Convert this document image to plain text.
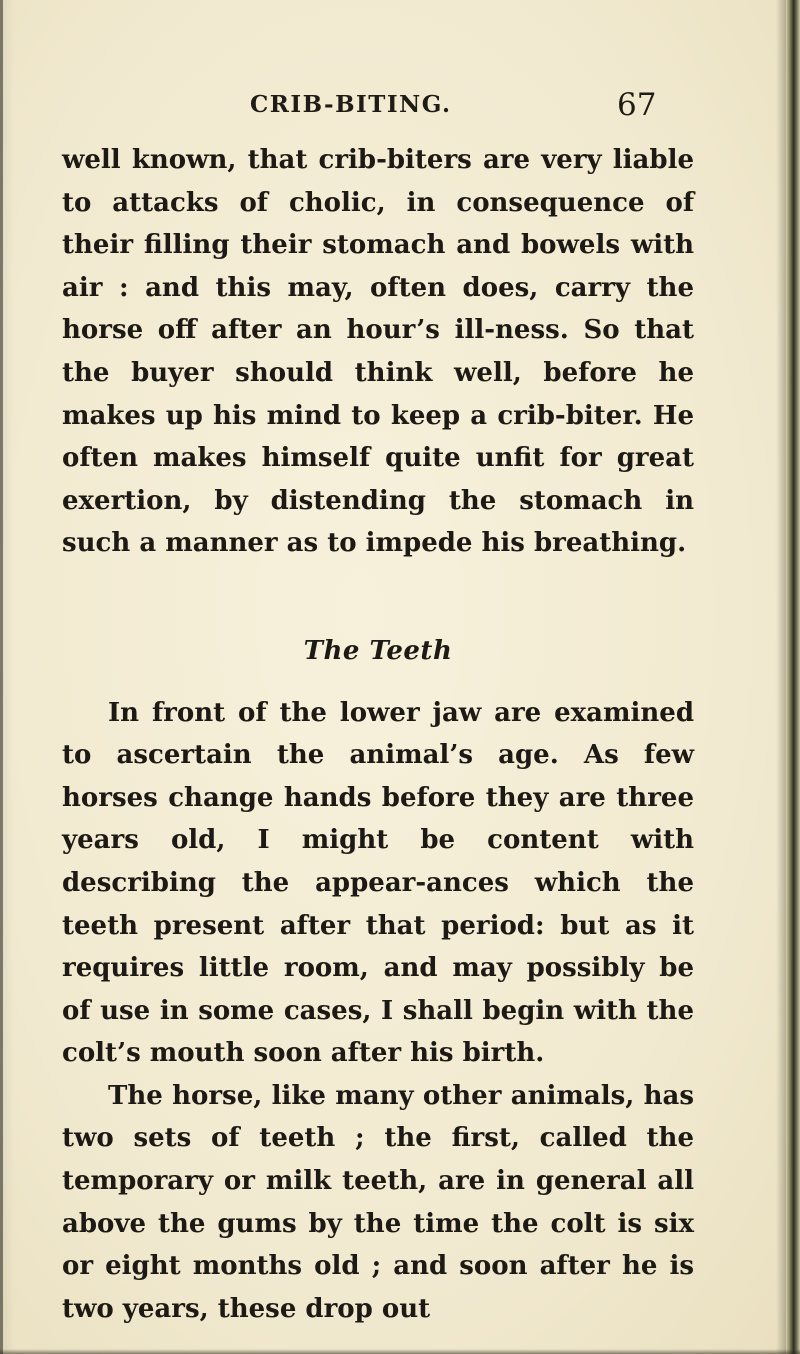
CRIB-BITING.	67

well known, that crib-biters are very liable to attacks of cholic, in consequence of their filling their stomach and bowels with air : and this may, often does, carry the horse off after an hour’s ill-ness. So that the buyer should think well, before he makes up his mind to keep a crib-biter. He often makes himself quite unfit for great exertion, by distending the stomach in such a manner as to impede his breathing.

The Teeth

In front of the lower jaw are examined to ascertain the animal’s age. As few horses change hands before they are three years old, I might be content with describing the appear-ances which the teeth present after that period: but as it requires little room, and may possibly be of use in some cases, I shall begin with the colt’s mouth soon after his birth.

The horse, like many other animals, has two sets of teeth ; the first, called the temporary or milk teeth, are in general all above the gums by the time the colt is six or eight months old ; and soon after he is two years, these drop out
